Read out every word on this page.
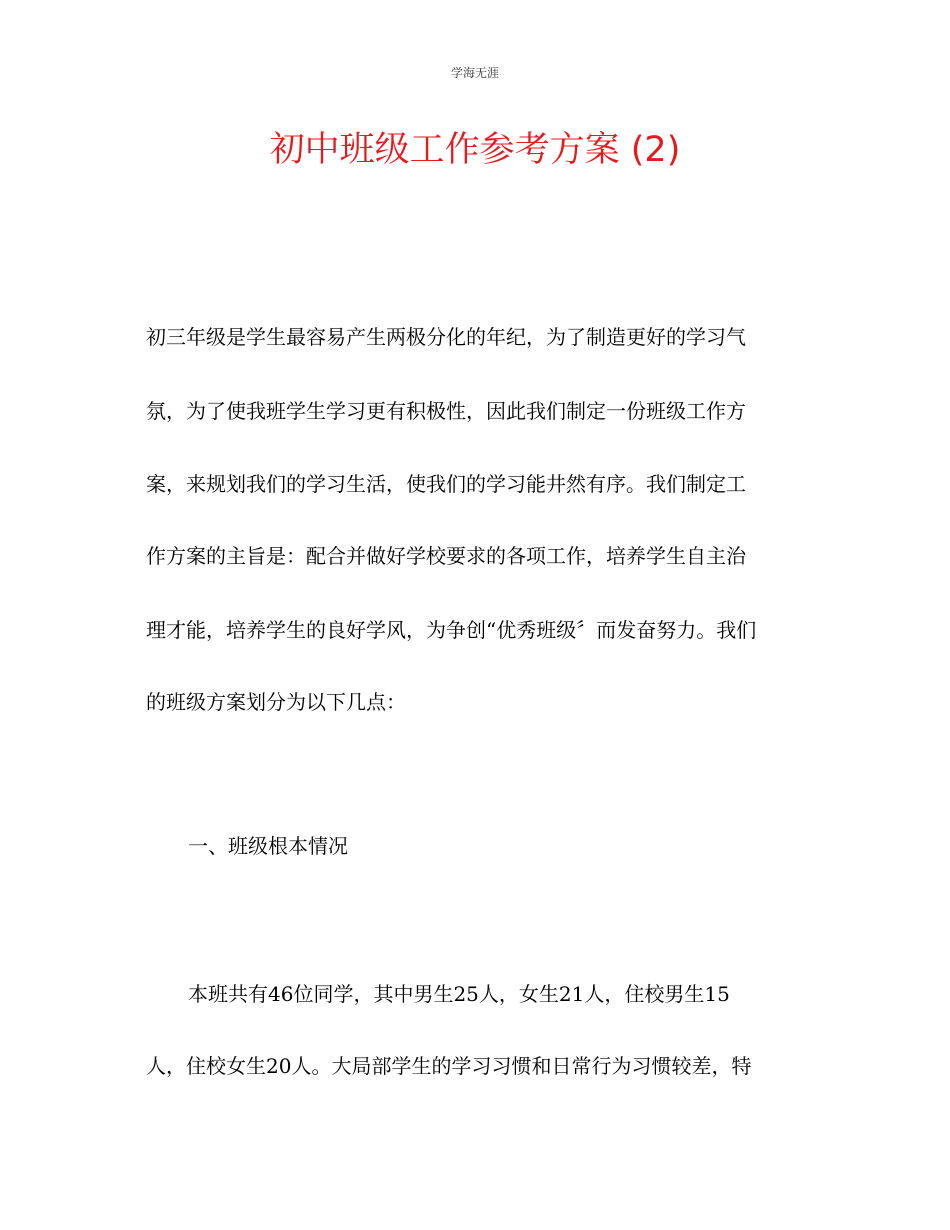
学海无涯
初中班级工作参考方案 (2)
初三年级是学生最容易产生两极分化的年纪，为了制造更好的学习气
氛，为了使我班学生学习更有积极性，因此我们制定一份班级工作方
案，来规划我们的学习生活，使我们的学习能井然有序。我们制定工
作方案的主旨是：配合并做好学校要求的各项工作，培养学生自主治
理才能，培养学生的良好学风，为争创“优秀班级〞而发奋努力。我们
的班级方案划分为以下几点：
一、班级根本情况
本班共有46位同学，其中男生25人，女生21人，住校男生15
人，住校女生20人。大局部学生的学习习惯和日常行为习惯较差，特
